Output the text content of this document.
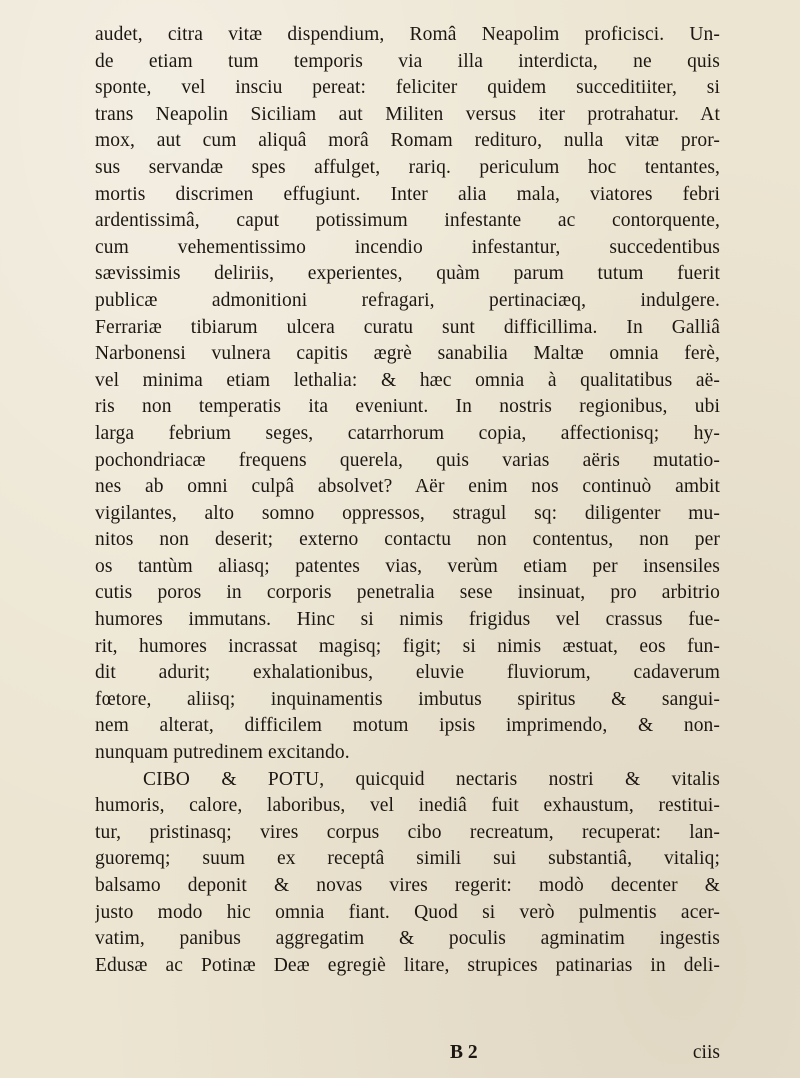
audet, citra vitæ dispendium, Româ Neapolim proficisci. Un-
de etiam tum temporis via illa interdicta, ne quis
sponte, vel insciu pereat: feliciter quidem succeditiiter, si
trans Neapolin Siciliam aut Militen versus iter protrahatur. At
mox, aut cum aliquâ morâ Romam redituro, nulla vitæ pror-
sus servandæ spes affulget, rariq. periculum hoc tentantes,
mortis discrimen effugiunt. Inter alia mala, viatores febri
ardentissimâ, caput potissimum infestante ac contorquente,
cum vehementissimo incendio infestantur, succedentibus
sævissimis deliriis, experientes, quàm parum tutum fuerit
publicæ admonitioni refragari, pertinaciæq, indulgere.
Ferrariæ tibiarum ulcera curatu sunt difficillima. In Galliâ
Narbonensi vulnera capitis ægrè sanabilia Maltæ omnia ferè,
vel minima etiam lethalia: & hæc omnia à qualitatibus aë-
ris non temperatis ita eveniunt. In nostris regionibus, ubi
larga febrium seges, catarrhorum copia, affectionisq; hy-
pochondriacæ frequens querela, quis varias aëris mutatio-
nes ab omni culpâ absolvet? Aër enim nos continuò ambit
vigilantes, alto somno oppressos, stragul sq: diligenter mu-
nitos non deserit; externo contactu non contentus, non per
os tantùm aliasq; patentes vias, verùm etiam per insensiles
cutis poros in corporis penetralia sese insinuat, pro arbitrio
humores immutans. Hinc si nimis frigidus vel crassus fue-
rit, humores incrassat magisq; figit; si nimis æstuat, eos fun-
dit adurit; exhalationibus, eluvie fluviorum, cadaverum
fœtore, aliisq; inquinamentis imbutus spiritus & sangui-
nem alterat, difficilem motum ipsis imprimendo, & non-
nunquam putredinem excitando.
CIBO & POTU, quicquid nectaris nostri & vitalis
humoris, calore, laboribus, vel inediâ fuit exhaustum, restitui-
tur, pristinasq; vires corpus cibo recreatum, recuperat: lan-
guoremq; suum ex receptâ simili sui substantiâ, vitaliq;
balsamo deponit & novas vires regerit: modò decenter &
justo modo hic omnia fiant. Quod si verò pulmentis acer-
vatim, panibus aggregatim & poculis agminatim ingestis
Edusæ ac Potinæ Deæ egregiè litare, strupices patinarias in deli-
B 2	ciis
